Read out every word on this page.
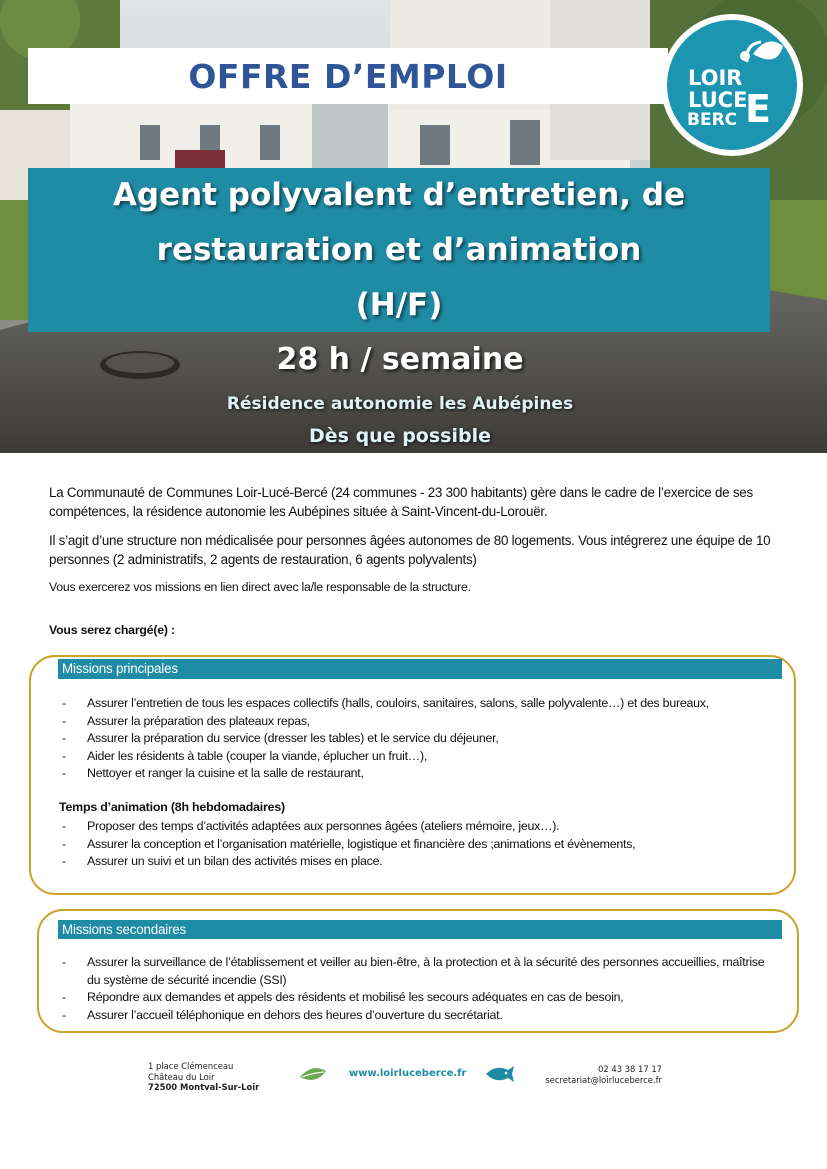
OFFRE D’EMPLOI	LOIR
LUCE
BERC E
Agent polyvalent d’entretien, de
restauration et d’animation
(H/F)
28 h / semaine
Résidence autonomie les Aubépines
Dès que possible

La Communauté de Communes Loir-Lucé-Bercé (24 communes - 23 300 habitants) gère dans le cadre de l’exercice de ses compétences, la résidence autonomie les Aubépines située à Saint-Vincent-du-Lorouër.

Il s’agit d’une structure non médicalisée pour personnes âgées autonomes de 80 logements. Vous intégrerez une équipe de 10 personnes (2 administratifs, 2 agents de restauration, 6 agents polyvalents)

Vous exercerez vos missions en lien direct avec la/le responsable de la structure.

Vous serez chargé(e) :
Missions principales
- Assurer l’entretien de tous les espaces collectifs (halls, couloirs, sanitaires, salons, salle polyvalente…) et des bureaux,
- Assurer la préparation des plateaux repas,
- Assurer la préparation du service (dresser les tables) et le service du déjeuner,
- Aider les résidents à table (couper la viande, éplucher un fruit…),
- Nettoyer et ranger la cuisine et la salle de restaurant,
Temps d’animation (8h hebdomadaires)
- Proposer des temps d’activités adaptées aux personnes âgées (ateliers mémoire, jeux…).
- Assurer la conception et l’organisation matérielle, logistique et financière des ;animations et évènements,
- Assurer un suivi et un bilan des activités mises en place.
Missions secondaires
- Assurer la surveillance de l’établissement et veiller au bien-être, à la protection et à la sécurité des personnes accueillies, maîtrise du système de sécurité incendie (SSI)
- Répondre aux demandes et appels des résidents et mobilisé les secours adéquates en cas de besoin,
- Assurer l’accueil téléphonique en dehors des heures d’ouverture du secrétariat.
1 place Clémenceau
Château du Loir
72500 Montval-Sur-Loir
www.loirluceberce.fr	02 43 38 17 17
secretariat@loirluceberce.fr
